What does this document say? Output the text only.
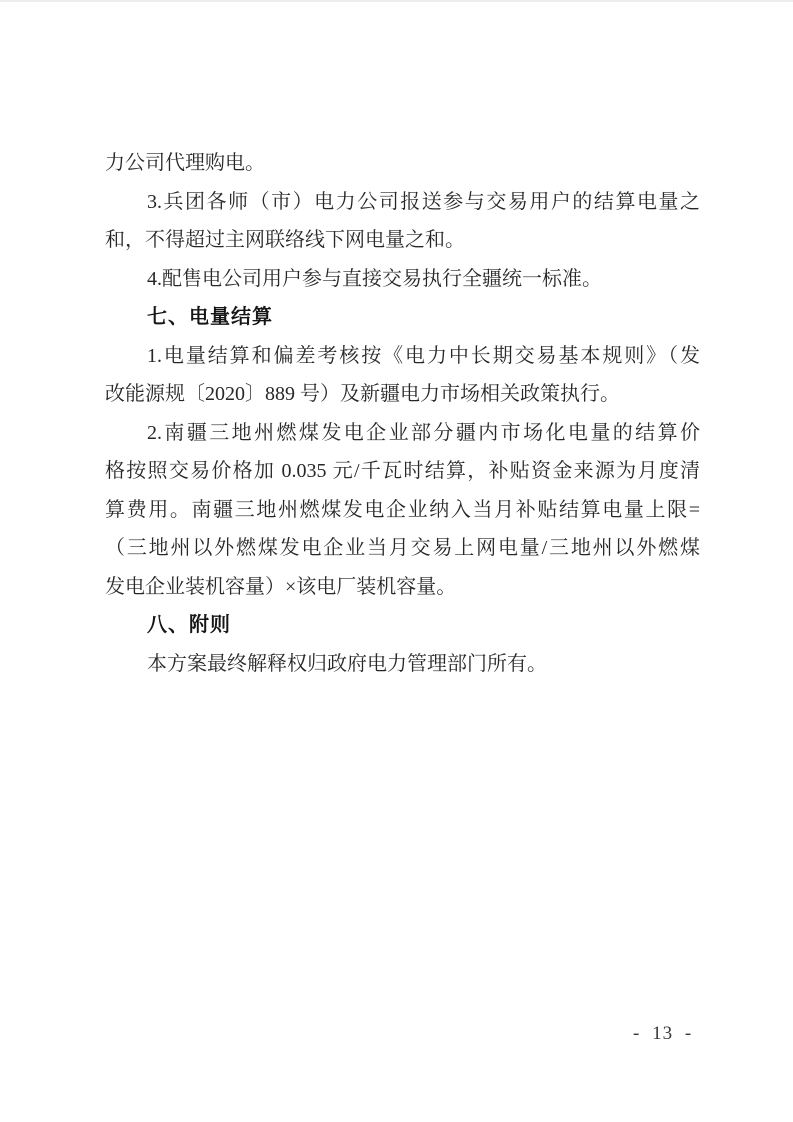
力公司代理购电。
3.兵团各师（市）电力公司报送参与交易用户的结算电量之
和，不得超过主网联络线下网电量之和。
4.配售电公司用户参与直接交易执行全疆统一标准。
七、电量结算
1.电量结算和偏差考核按《电力中长期交易基本规则》（发
改能源规〔2020〕889 号）及新疆电力市场相关政策执行。
2.南疆三地州燃煤发电企业部分疆内市场化电量的结算价
格按照交易价格加 0.035 元/千瓦时结算，补贴资金来源为月度清
算费用。南疆三地州燃煤发电企业纳入当月补贴结算电量上限=
（三地州以外燃煤发电企业当月交易上网电量/三地州以外燃煤
发电企业装机容量）×该电厂装机容量。
八、附则
本方案最终解释权归政府电力管理部门所有。
- 13 -
